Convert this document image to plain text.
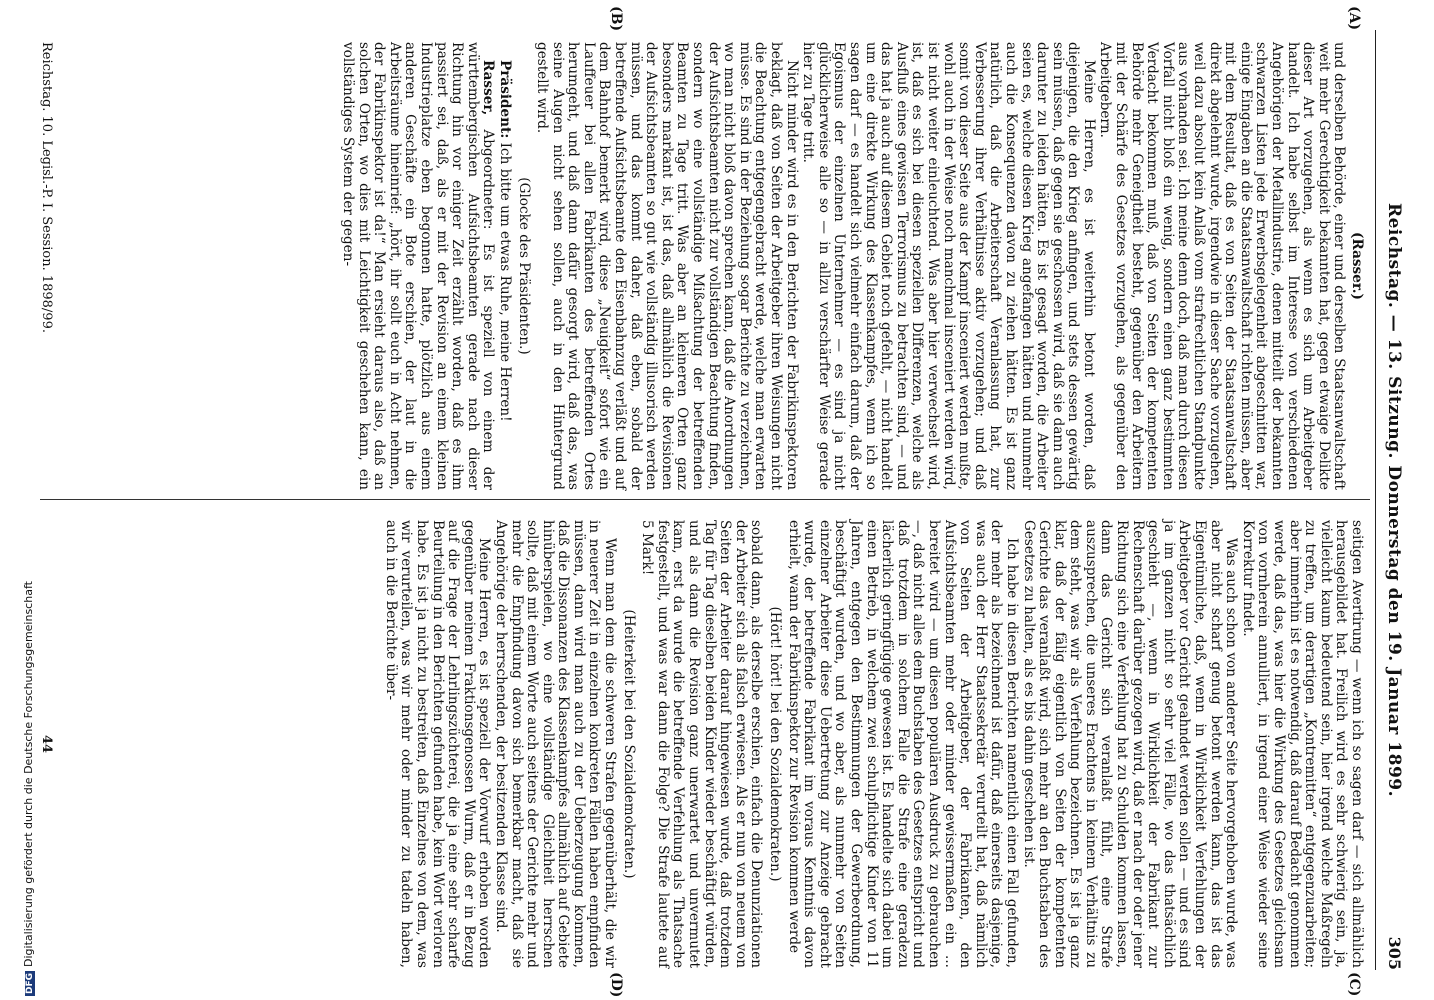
DFGDigitalisierung gefördert durch die Deutsche Forschungsgemeinschaft	Reichstag. — 13. Sitzung. Donnerstag den 19. Januar 1899.
305
(A)
(B)
(C)
(D)
(Rasser.)

und derselben Behörde, einer und derselben Staatsanwaltschaft weit mehr Gerechtigkeit bekannten hat, gegen etwaige Delikte dieser Art vorzugehen, als wenn es sich um Arbeitgeber handelt. Ich habe selbst im Interesse von verschiedenen Angehörigen der Metallindustrie, denen mitteilt der bekannten schwarzen Listen jede Erwerbsgelegenheit abgeschnitten war, einige Eingaben an die Staatsanwaltschaft richten müssen, aber mit dem Resultat, daß es von Seiten der Staatsanwaltschaft direkt abgelehnt wurde, irgendwie in dieser Sache vorzugehen, weil dazu absolut kein Anlaß vom strafrechtlichen Standpunkte aus vorhanden sei. Ich meine denn doch, daß man durch diesen Vorfall nicht bloß ein wenig, sondern einen ganz bestimmten Verdacht bekommen muß, daß von Seiten der kompetenten Behörde mehr Geneigtheit besteht, gegenüber den Arbeitern mit der Schärfe des Gesetzes vorzugehen, als gegenüber den Arbeitgebern.

Meine Herren, es ist weiterhin betont worden, daß diejenigen, die den Krieg anfingen, und stets dessen gewärtig sein müssen, daß gegen sie geschossen wird, daß sie dann auch darunter zu leiden hätten. Es ist gesagt worden, die Arbeiter seien es, welche diesen Krieg angefangen hätten und nunmehr auch die Konsequenzen davon zu ziehen hätten. Es ist ganz natürlich, daß die Arbeiterschaft Veranlassung hat, zur Verbesserung ihrer Verhältnisse aktiv vorzugehen; und daß somit von dieser Seite aus der Kampf insceniert werden mußte, wohl auch in der Weise noch manchmal insceniert werden wird, ist nicht weiter einleuchtend. Was aber hier verwechselt wird, ist, daß es sich bei diesen speziellen Differenzen, welche als Ausfluß eines gewissen Terrorismus zu betrachten sind, — und das hat ja auch auf diesem Gebiet noch gefehlt, — nicht handelt um eine direkte Wirkung des Klassenkampfes, wenn ich so sagen darf — es handelt sich vielmehr einfach darum, daß der Egoismus der einzelnen Unternehmer — es sind ja nicht glücklicherweise alle so — in allzu verschärfter Weise gerade hier zu Tage tritt.

Nicht minder wird es in den Berichten der Fabrikinspektoren beklagt, daß von Seiten der Arbeitgeber ihren Weisungen nicht die Beachtung entgegengebracht werde, welche man erwarten müsse. Es sind in der Beziehung sogar Berichte zu verzeichnen, wo man nicht bloß davon sprechen kann, daß die Anordnungen der Aufsichtsbeamten nicht zur vollständigen Beachtung finden, sondern wo eine vollständige Mißachtung der betreffenden Beamten zu Tage tritt. Was aber an kleineren Orten ganz besonders markant ist, ist das, daß allmählich die Revisionen der Aufsichtsbeamten so gut wie vollständig illusorisch werden müssen, und das kommt daher, daß eben, sobald der betreffende Aufsichtsbeamte den Eisenbahnzug verläßt und auf dem Bahnhof bemerkt wird, diese „Neuigkeit“ sofort wie ein Lauffeuer bei allen Fabrikanten des betreffenden Ortes herumgeht, und daß dann dafür gesorgt wird, daß das, was seine Augen nicht sehen sollen, auch in den Hintergrund gestellt wird.

(Glocke des Präsidenten.)

Präsident: Ich bitte um etwas Ruhe, meine Herren!

Rasser, Abgeordneter: Es ist speziell von einem der württembergischen Aufsichtsbeamten gerade nach dieser Richtung hin vor einiger Zeit erzählt worden, daß es ihm passiert sei, daß, als er mit der Revision an einem kleinen Industrieplatze eben begonnen hatte, plötzlich aus einem anderen Geschäfte ein Bote erschien, der laut in die Arbeitsräume hineinrief: „hört, ihr sollt euch in Acht nehmen, der Fabrikinspektor ist da!“ Man ersieht daraus also, daß an solchen Orten, wo dies mit Leichtigkeit geschehen kann, ein vollständiges System der gegen-

seitigen Avertirung — wenn ich so sagen darf — sich allmählich herausgebildet hat. Freilich wird es sehr schwierig sein, ja, vielleicht kaum bedeutend sein, hier irgend welche Maßregeln zu treffen, um derartigen „Kontremitten“ entgegenzuarbeiten; aber immerhin ist es notwendig, daß darauf Bedacht genommen werde, daß das, was hier die Wirkung des Gesetzes gleichsam von vornherein annulliert, in irgend einer Weise wieder seine Korrektur findet.

Was auch schon von anderer Seite hervorgehoben wurde, was aber nicht scharf genug betont werden kann, das ist das Eigentümliche, daß, wenn in Wirklichkeit Verfehlungen der Arbeitgeber vor Gericht geahndet werden sollen — und es sind ja im ganzen nicht so sehr viel Fälle, wo das thatsächlich geschieht —, wenn in Wirklichkeit der Fabrikant zur Rechenschaft darüber gezogen wird, daß er nach der oder jener Richtung sich eine Verfehlung hat zu Schulden kommen lassen, dann das Gericht sich veranlaßt fühlt, eine Strafe auszusprechen, die unseres Erachtens in keinem Verhältnis zu dem steht, was wir als Verfehlung bezeichnen. Es ist ja ganz klar, daß der fälig eigentlich von Seiten der kompetenten Gerichte das veranlaßt wird, sich mehr an den Buchstaben des Gesetzes zu halten, als es bis dahin geschehen ist.

Ich habe in diesen Berichten namentlich einen Fall gefunden, der mehr als bezeichnend ist dafür, daß einerseits dasjenige, was auch der Herr Staatssekretär verurteilt hat, daß nämlich von Seiten der Arbeitgeber, der Fabrikanten, den Aufsichtsbeamten mehr oder minder gewissermaßen ein ... bereitet wird — um diesen populären Ausdruck zu gebrauchen —, daß nicht alles dem Buchstaben des Gesetzes entspricht und daß trotzdem in solchem Falle die Strafe eine geradezu lächerlich geringfügige gewesen ist. Es handelte sich dabei um einen Betrieb, in welchem zwei schulpflichtige Kinder von 11 Jahren, entgegen den Bestimmungen der Gewerbeordnung, beschäftigt wurden, und wo aber, als nunmehr von Seiten einzelner Arbeiter diese Uebertretung zur Anzeige gebracht wurde, der betreffende Fabrikant im voraus Kenntnis davon erhielt, wann der Fabrikinspektor zur Revision kommen werde

(Hört! hört! bei den Sozialdemokraten.)

sobald dann, als derselbe erschien, einfach die Denunziationen der Arbeiter sich als falsch erwiesen. Als er nun von neuem von Seiten der Arbeiter darauf hingewiesen wurde, daß trotzdem Tag für Tag dieselben beiden Kinder wieder beschäftigt würden, und als dann die Revision ganz unerwartet und unvermutet kam, erst da wurde die betreffende Verfehlung als Thatsache festgestellt, und was war dann die Folge? Die Strafe lautete auf 5 Mark!

(Heiterkeit bei den Sozialdemokraten.)

Wenn man dem die schweren Strafen gegenüberhält, die wir in neuerer Zeit in einzelnen konkreten Fällen haben empfinden müssen, dann wird man auch zu der Ueberzeugung kommen, daß die Dissonanzen des Klassenkampfes allmählich auf Gebiete hinüberspielen, wo eine vollständige Gleichheit herrschen sollte, daß mit einem Worte auch seitens der Gerichte mehr und mehr die Empfindung davon sich bemerkbar macht, daß sie Angehörige der herrschenden, der besitzenden Klasse sind.

Meine Herren, es ist speziell der Vorwurf erhoben worden gegenüber meinem Fraktionsgenossen Wurm, daß er in Bezug auf die Frage der Lehrlingszüchterei, die ja eine sehr scharfe Beurteilung in den Berichten gefunden habe, kein Wort verloren habe. Es ist ja nicht zu bestreiten, daß Einzelnes von dem, was wir verurteilen, was wir mehr oder minder zu tadeln haben, auch in die Berichte über-

Reichstag. 10. Legisl.-P. I. Session. 1898/99.
44
